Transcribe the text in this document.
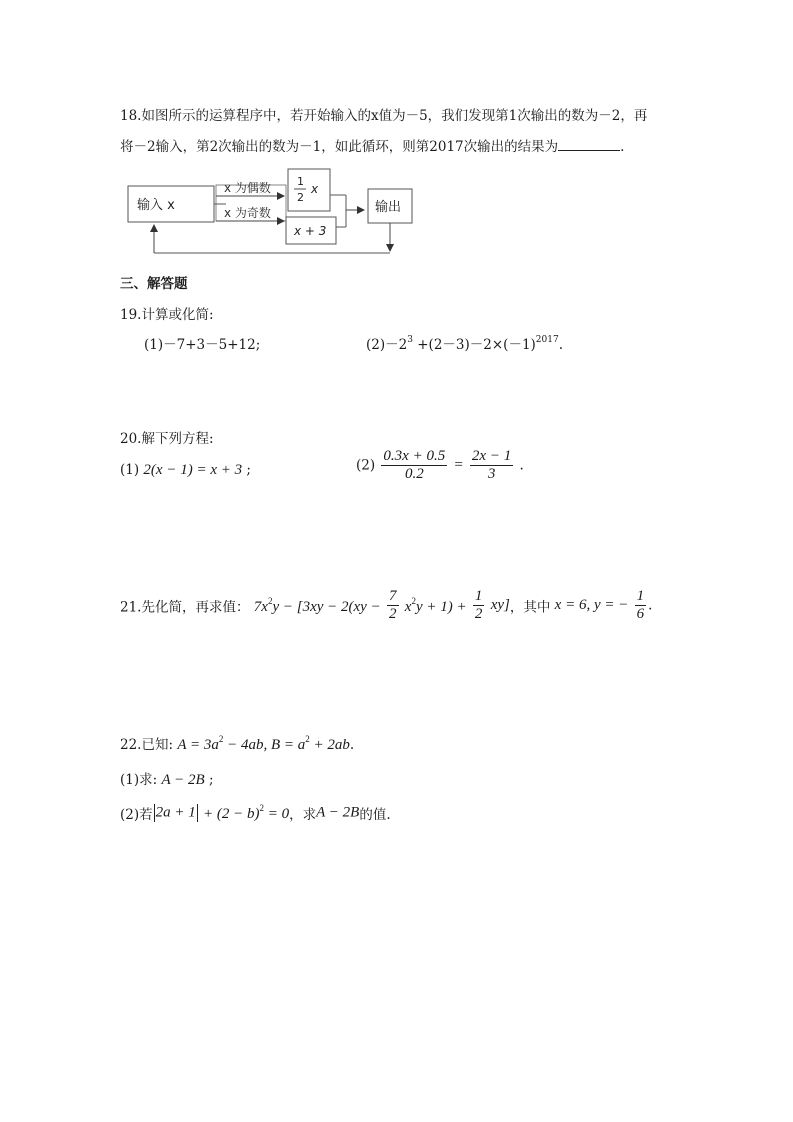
18.如图所示的运算程序中，若开始输入的x值为－5，我们发现第1次输出的数为－2，再
将－2输入，第2次输出的数为－1，如此循环，则第2017次输出的结果为	.
输入 x
x 为偶数
x 为奇数
1
2
x
x + 3
输出
三、解答题
19.计算或化简:
(1)－7+3－5+12;	$(2)-2^3 +(2-3)-2\times(-1)^{2017}$.
20.解下列方程:
(1) 2(x − 1) = x + 3 ;	$(2) \frac{0.3x + 0.5}{0.2} = \frac{2x - 1}{3}$ .
21.先化简，再求值： $7x^2y - [3xy - 2(xy - \frac{7}{2} x^2y + 1) + \frac{1}{2} xy]$，其中 x = 6, y = − $\frac{1}{6}$ .
22.已知: $A = 3a^2 - 4ab$, $B = a^2 + 2ab$.
(1)求: A − 2B ;
(2)若 $2a + 1 + (2 - b)^2 = 0$，求A − 2B的值.
